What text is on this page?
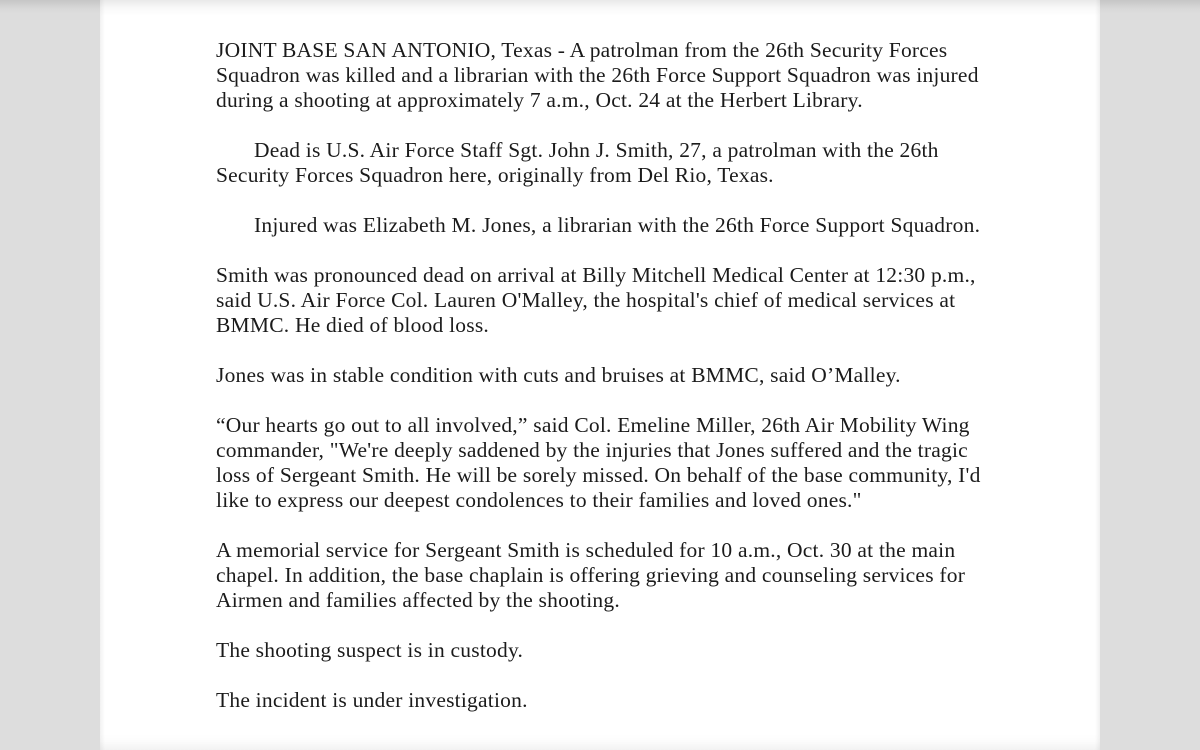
JOINT BASE SAN ANTONIO, Texas - A patrolman from the 26th Security Forces Squadron was killed and a librarian with the 26th Force Support Squadron was injured during a shooting at approximately 7 a.m., Oct. 24 at the Herbert Library.

Dead is U.S. Air Force Staff Sgt. John J. Smith, 27, a patrolman with the 26th Security Forces Squadron here, originally from Del Rio, Texas.

Injured was Elizabeth M. Jones, a librarian with the 26th Force Support Squadron.

Smith was pronounced dead on arrival at Billy Mitchell Medical Center at 12:30 p.m., said U.S. Air Force Col. Lauren O'Malley, the hospital's chief of medical services at BMMC. He died of blood loss.

Jones was in stable condition with cuts and bruises at BMMC, said O’Malley.

“Our hearts go out to all involved,” said Col. Emeline Miller, 26th Air Mobility Wing commander, "We're deeply saddened by the injuries that Jones suffered and the tragic loss of Sergeant Smith. He will be sorely missed. On behalf of the base community, I'd like to express our deepest condolences to their families and loved ones."

A memorial service for Sergeant Smith is scheduled for 10 a.m., Oct. 30 at the main chapel. In addition, the base chaplain is offering grieving and counseling services for Airmen and families affected by the shooting.

The shooting suspect is in custody.

The incident is under investigation.
